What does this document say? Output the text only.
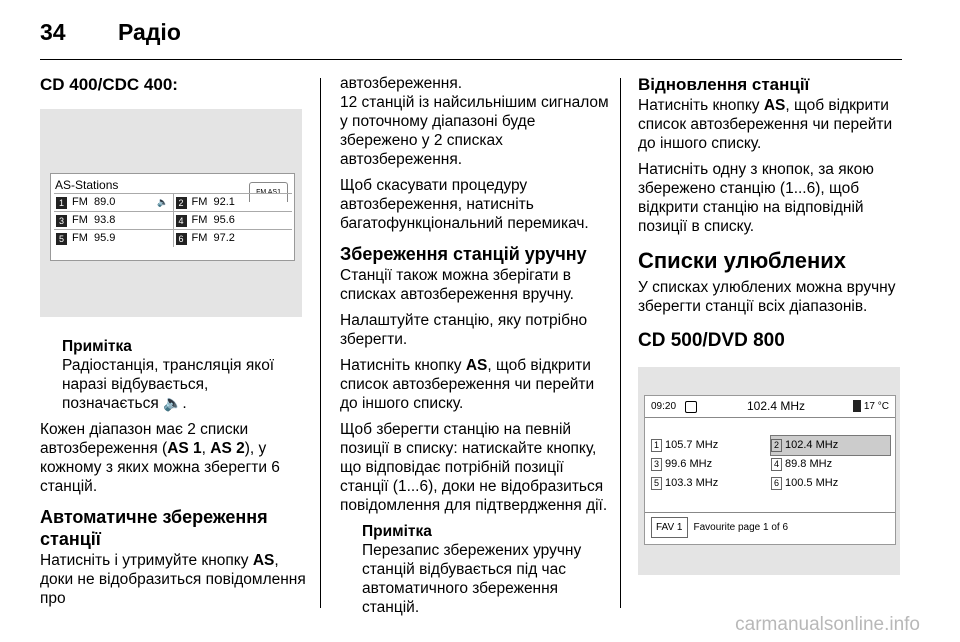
34	Радіо
CD 400/CDC 400:
AS-Stations
FM AS1
1 FM  89.0	🔈	2 FM  92.1
3 FM  93.8	4 FM  95.6
5 FM  95.9	6 FM  97.2
Примітка
Радіостанція, трансляція якої наразі відбувається, позначається 🔈.

Кожен діапазон має 2 списки автозбереження (AS 1, AS 2), у кожному з яких можна зберегти 6 станцій.

Автоматичне збереження станції

Натисніть і утримуйте кнопку AS, доки не відобразиться повідомлення про

автозбереження.

12 станцій із найсильнішим сигналом у поточному діапазоні буде збережено у 2 списках автозбереження.

Щоб скасувати процедуру автозбереження, натисніть багатофункціональний перемикач.

Збереження станцій уручну

Станції також можна зберігати в списках автозбереження вручну.

Налаштуйте станцію, яку потрібно зберегти.

Натисніть кнопку AS, щоб відкрити список автозбереження чи перейти до іншого списку.

Щоб зберегти станцію на певній позиції в списку: натискайте кнопку, що відповідає потрібній позиції станції (1...6), доки не відобразиться повідомлення для підтвердження дії.

Примітка
Перезапис збережених уручну станцій відбувається під час автоматичного збереження станцій.
Відновлення станції

Натисніть кнопку AS, щоб відкрити список автозбереження чи перейти до іншого списку.

Натисніть одну з кнопок, за якою збережено станцію (1...6), щоб відкрити станцію на відповідній позиції в списку.

Списки улюблених

У списках улюблених можна вручну зберегти станції всіх діапазонів.

CD 500/DVD 800
09:20	102.4 MHz	17 °C
1 105.7 MHz	2 102.4 MHz
3 99.6 MHz	4 89.8 MHz
5 103.3 MHz	6 100.5 MHz
FAV 1	Favourite page 1 of 6
carmanualsonline.info
